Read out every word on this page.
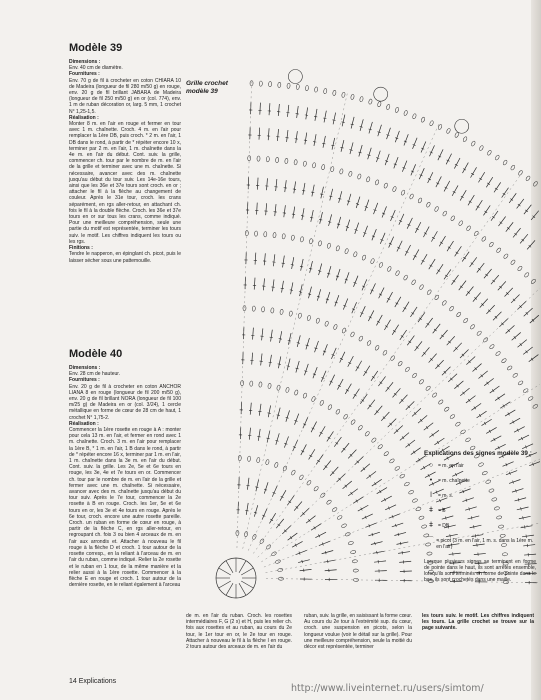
Modèle 39
Dimensions :
Env. 40 cm de diamètre.
Fournitures :
Env. 70 g de fil à crocheter en coton CHIARA 10 de Madeira (longueur de fil 280 m/50 g) en rouge, env. 20 g de fil brillant JABARA de Madeira (longueur de fil 250 m/50 g) en or (col. 774), env. 1 m de ruban décoration or, larg. 5 mm, 1 crochet N° 1,25-1,5.
Réalisation :
Monter 8 m. en l'air en rouge et fermer en tour avec 1 m. chaînette. Croch. 4 m. en l'air pour remplacer la 1ère DB, puis croch. * 2 m. en l'air, 1 DB dans le rond, à partir de * répéter encore 10 x, terminer par 2 m. en l'air, 1 m. chaînette dans la 4e m. en l'air du début. Cont. suiv. la grille, commencer ch. tour par le nombre de m. en l'air de la grille et terminer avec une m. chaînette. Si nécessaire, avancer avec des m. chaînette jusqu'au début du tour suiv. Les 14e-16e tours, ainsi que les 36e et 37e tours sont croch. en or ; attacher le fil à la flèche au changement de couleur. Après le 31e tour, croch. les crans séparément, en rgs aller-retour, en attachant ch. fois le fil à la double flèche. Croch. les 36e et 37e tours en or sur tous les crans, comme indiqué. Pour une meilleure compréhension, seule une partie du motif est représentée, terminer les tours suiv. le motif. Les chiffres indiquent les tours ou les rgs.
Finitions :
Tendre le napperon, en épinglant ch. picot, puis le laisser sécher sous une pattemouille.
Modèle 40
Dimensions :
Env. 28 cm de hauteur.
Fournitures :
Env. 20 g de fil à crocheter en coton ANCHOR LIANA 8 en rouge (longueur de fil 200 m/50 g), env. 20 g de fil brillant NORA (longueur de fil 100 m/25 g) de Madeira en or (col. 3/24), 1 cercle métallique en forme de cœur de 28 cm de haut, 1 crochet N° 1,75-2.
Réalisation :
Commencer la 1ère rosette en rouge à A : monter pour cela 13 m. en l'air, et fermer en rond avec 1 m. chaînette. Croch. 3 m. en l'air pour remplacer la 1ère B, * 1 m. en l'air, 1 B dans le rond, à partir de * répéter encore 16 x, terminer par 1 m. en l'air, 1 m. chaînette dans la 3e m. en l'air du début. Cont. suiv. la grille. Les 2e, 5e et 6e tours en rouge, les 3e, 4e et 7e tours en or. Commencer ch. tour par le nombre de m. en l'air de la grille et fermer avec une m. chaînette. Si nécessaire, avancer avec des m. chaînette jusqu'au début du tour suiv. Après le 7e tour, commencer la 2e rosette à B en rouge. Croch. les 1er, 5e et 6e tours en or, les 3e et 4e tours en rouge. Après le 6e tour, croch. encore une autre rosette pareille. Croch. un ruban en forme de cœur en rouge, à partir de la flèche C, en rgs aller-retour, en regroupant ch. fois 3 ou bien 4 arceaux de m. en l'air aux arrondis et. Attacher à nouveau le fil rouge à la flèche D et croch. 1 tour autour de la rosette corresp., en la reliant à l'arceau de m. en l'air du ruban, comme indiqué. Relier la 2e rosette et le ruban en 1 tour, de la même manière et la relier aussi à la 1ère rosette. Commencer à la flèche E en rouge et croch. 1 tour autour de la dernière rosette, en le reliant également à l'arceau
Grille crochet modèle 39
Explications des signes modèle 39 :
○ = m. en l'air
•	= m. chaînette
ǀ	= m. s.
ǂ = B
ǂ = DB
⌒ = picot (3 m. en l'air, 1 m. s. dans la 1ère m. en l'air)
Lorsque plusieurs signes se terminent en forme de pointe dans le haut, ils sont arrêtés ensemble, lorsqu'ils sont terminés en forme de pointe dans le bas, ils sont crochetés dans une maille.
de m. en l'air du ruban. Croch. les rosettes intermédiaires F, G (2 x) et H, puis les relier ch. fois aux rosettes et au ruban, au cours du 2e tour, le 1er tour en or, le 2e tour en rouge. Attacher à nouveau le fil à la flèche I en rouge. 2 tours autour des arceaux de m. en l'air du
ruban, suiv. la grille, en saisissant la forme cœur. Au cours du 2e tour à l'extrémité sup. du cœur, croch. une suspension en picots, selon la longueur voulue (voir le détail sur la grille). Pour une meilleure compréhension, seule la moitié du décor est représentée, terminer
les tours suiv. le motif. Les chiffres indiquent les tours. La grille crochet se trouve sur la page suivante.
14 Explications
http://www.liveinternet.ru/users/simtom/
